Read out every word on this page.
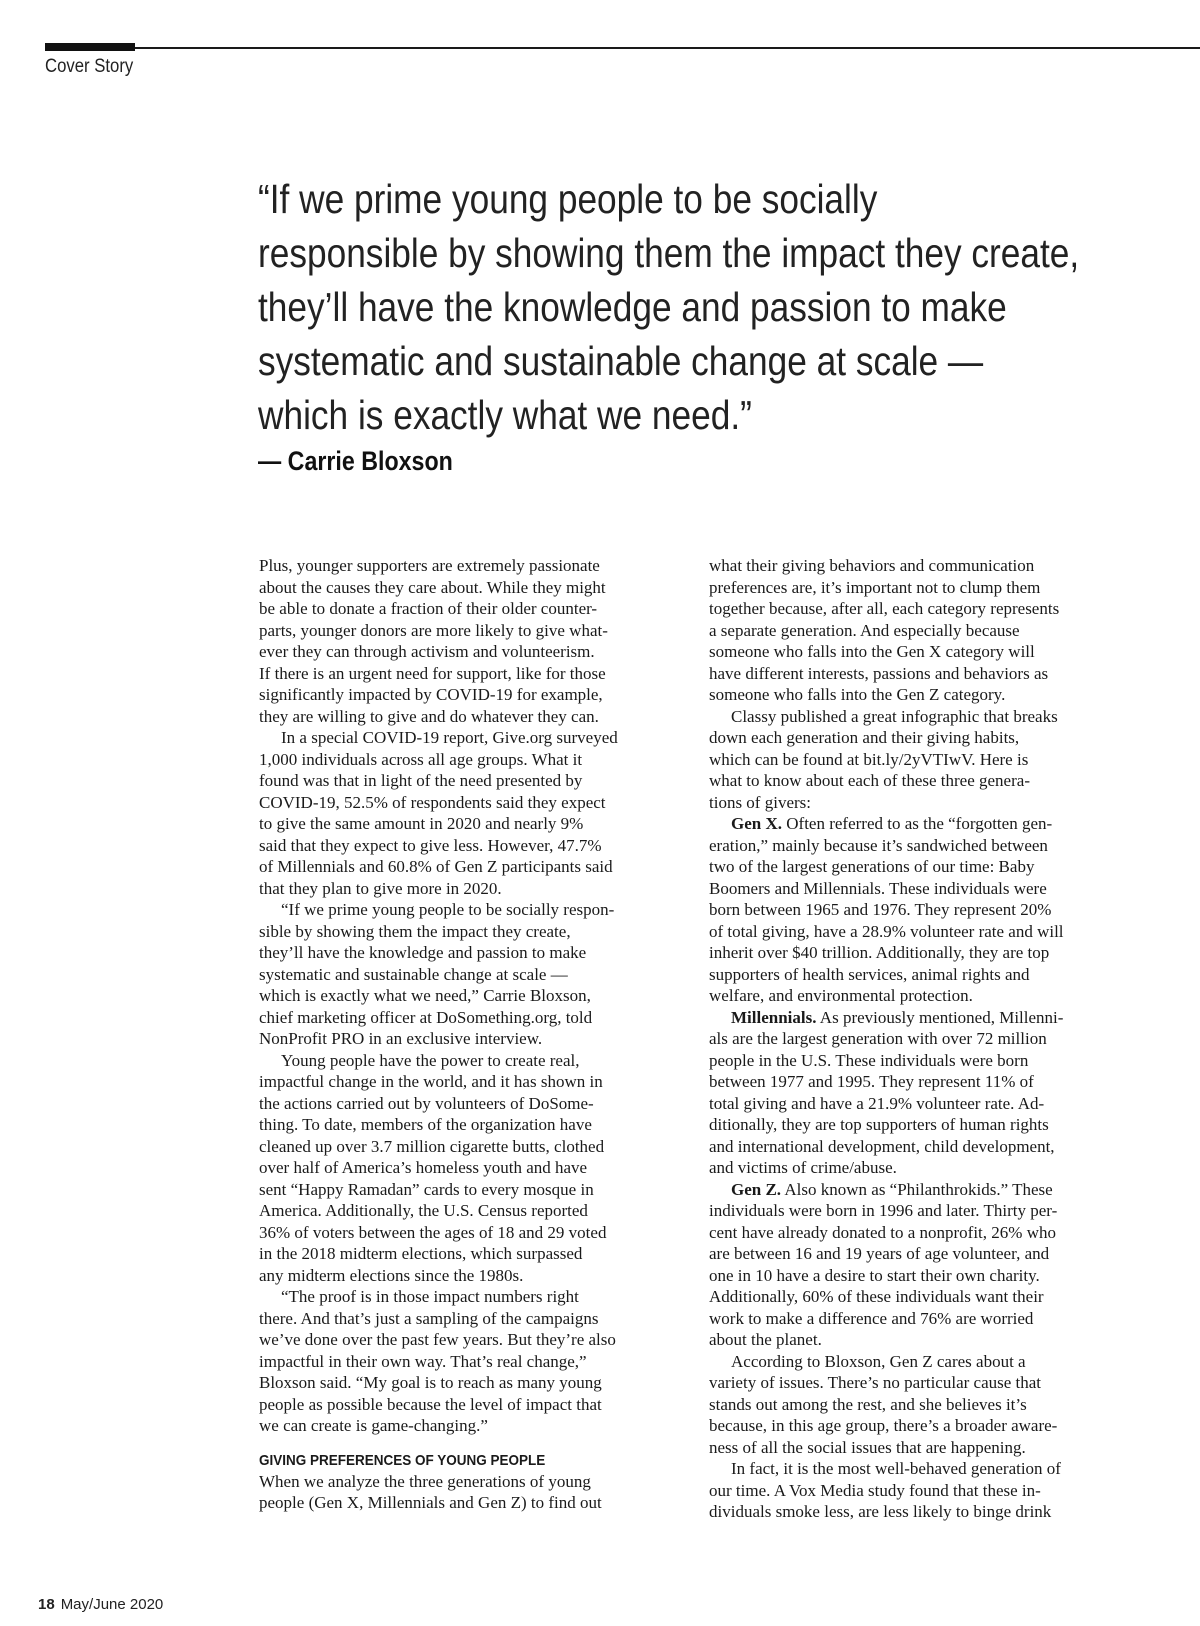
Cover Story
“If we prime young people to be socially
responsible by showing them the impact they create,
they’ll have the knowledge and passion to make
systematic and sustainable change at scale —
which is exactly what we need.”
— Carrie Bloxson
Plus, younger supporters are extremely passionate
about the causes they care about. While they might
be able to donate a fraction of their older counter-
parts, younger donors are more likely to give what-
ever they can through activism and volunteerism.
If there is an urgent need for support, like for those
significantly impacted by COVID-19 for example,
they are willing to give and do whatever they can.
In a special COVID-19 report, Give.org surveyed
1,000 individuals across all age groups. What it
found was that in light of the need presented by
COVID-19, 52.5% of respondents said they expect
to give the same amount in 2020 and nearly 9%
said that they expect to give less. However, 47.7%
of Millennials and 60.8% of Gen Z participants said
that they plan to give more in 2020.
“If we prime young people to be socially respon-
sible by showing them the impact they create,
they’ll have the knowledge and passion to make
systematic and sustainable change at scale —
which is exactly what we need,” Carrie Bloxson,
chief marketing officer at DoSomething.org, told
NonProfit PRO in an exclusive interview.
Young people have the power to create real,
impactful change in the world, and it has shown in
the actions carried out by volunteers of DoSome-
thing. To date, members of the organization have
cleaned up over 3.7 million cigarette butts, clothed
over half of America’s homeless youth and have
sent “Happy Ramadan” cards to every mosque in
America. Additionally, the U.S. Census reported
36% of voters between the ages of 18 and 29 voted
in the 2018 midterm elections, which surpassed
any midterm elections since the 1980s.
“The proof is in those impact numbers right
there. And that’s just a sampling of the campaigns
we’ve done over the past few years. But they’re also
impactful in their own way. That’s real change,”
Bloxson said. “My goal is to reach as many young
people as possible because the level of impact that
we can create is game-changing.”
GIVING PREFERENCES OF YOUNG PEOPLE
When we analyze the three generations of young
people (Gen X, Millennials and Gen Z) to find out
what their giving behaviors and communication
preferences are, it’s important not to clump them
together because, after all, each category represents
a separate generation. And especially because
someone who falls into the Gen X category will
have different interests, passions and behaviors as
someone who falls into the Gen Z category.
Classy published a great infographic that breaks
down each generation and their giving habits,
which can be found at bit.ly/2yVTIwV. Here is
what to know about each of these three genera-
tions of givers:
Gen X. Often referred to as the “forgotten gen-
eration,” mainly because it’s sandwiched between
two of the largest generations of our time: Baby
Boomers and Millennials. These individuals were
born between 1965 and 1976. They represent 20%
of total giving, have a 28.9% volunteer rate and will
inherit over $40 trillion. Additionally, they are top
supporters of health services, animal rights and
welfare, and environmental protection.
Millennials. As previously mentioned, Millenni-
als are the largest generation with over 72 million
people in the U.S. These individuals were born
between 1977 and 1995. They represent 11% of
total giving and have a 21.9% volunteer rate. Ad-
ditionally, they are top supporters of human rights
and international development, child development,
and victims of crime/abuse.
Gen Z. Also known as “Philanthrokids.” These
individuals were born in 1996 and later. Thirty per-
cent have already donated to a nonprofit, 26% who
are between 16 and 19 years of age volunteer, and
one in 10 have a desire to start their own charity.
Additionally, 60% of these individuals want their
work to make a difference and 76% are worried
about the planet.
According to Bloxson, Gen Z cares about a
variety of issues. There’s no particular cause that
stands out among the rest, and she believes it’s
because, in this age group, there’s a broader aware-
ness of all the social issues that are happening.
In fact, it is the most well-behaved generation of
our time. A Vox Media study found that these in-
dividuals smoke less, are less likely to binge drink
18 May/June 2020
